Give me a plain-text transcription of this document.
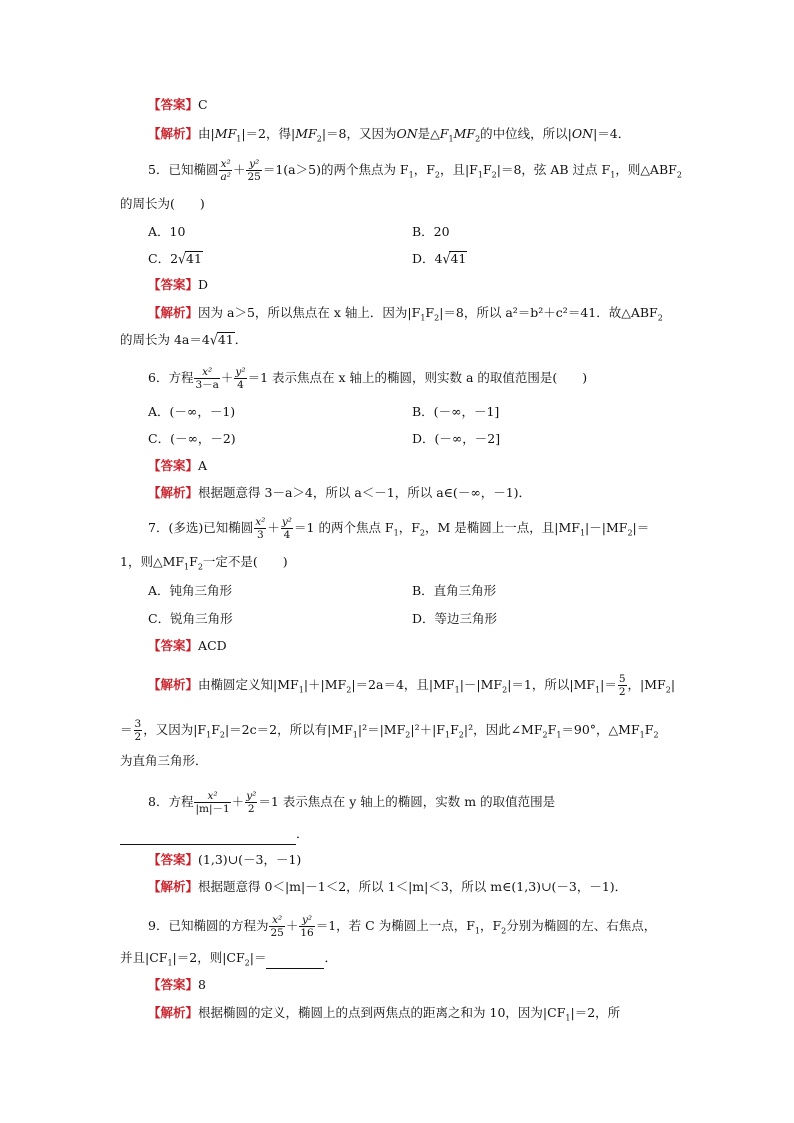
【答案】C
【解析】由$|MF_1|=2$，得$|MF_2|=8$，又因为ON是$\triangle F_1MF_2$的中位线，所以|ON|＝4．
5．已知椭圆 $\frac{\text{x²}}{\text{a²}} + \frac{\text{y²}}{25} =1(a>5)$的两个焦点为 $F_1$，$F_2$，且$|F_1F_2|=8$，弦 AB 过点 $F_1$，则$\triangle ABF_2$
的周长为(　　)
A．10	B．20
C．2√41	D．4√41
【答案】D
【解析】因为 a＞5，所以焦点在 x 轴上．因为$|F_1F_2|=8$，所以 a²＝b²＋c²＝41．故$\triangle ABF_2$
的周长为 4a＝4√41．
6．方程 $\frac{\text{x²}}{3-a} + \frac{\text{y²}}{4} =1$ 表示焦点在 x 轴上的椭圆，则实数 a 的取值范围是(　　)
A．(－∞，－1)	B．(－∞，－1]
C．(－∞，－2)	D．(－∞，－2]
【答案】A
【解析】根据题意得 3－a＞4，所以 a＜－1，所以 a∈(－∞，－1)．
7．(多选)已知椭圆 $\frac{\text{x²}}{3} + \frac{\text{y²}}{4} =1$ 的两个焦点 $F_1$，$F_2$，M 是椭圆上一点，且$|MF_1|-|MF_2|=$
1，则$\triangle MF_1F_2$一定不是(　　)
A．钝角三角形	B．直角三角形
C．锐角三角形	D．等边三角形
【答案】ACD
【解析】由椭圆定义知$|MF_1|+|MF_2|=2a=4$，且$|MF_1|-|MF_2|=1$，所以$|MF_1|= \frac{5}{2}$ ，$|MF_2|$
＝ $\frac{3}{2}$ ，又因为$|F_1F_2|=2c=2$，所以有$|MF_1|^2=|MF_2|^2+|F_1F_2|^2$，因此$\angle MF_2F_1=90^\circ$，$\triangle MF_1F_2$
为直角三角形．
8．方程 $\frac{\text{x²}}{|m|-1} + \frac{\text{y²}}{2} =1$ 表示焦点在 y 轴上的椭圆，实数 m 的取值范围是
．
【答案】(1,3)∪(－3，－1)
【解析】根据题意得 0＜|m|－1＜2，所以 1＜|m|＜3，所以 m∈(1,3)∪(－3，－1)．
9．已知椭圆的方程为 $\frac{\text{x²}}{25} + \frac{\text{y²}}{16} =1$，若 C 为椭圆上一点，$F_1$，$F_2$分别为椭圆的左、右焦点，
并且$|CF_1|=2$，则$|CF_2|=$	．
【答案】8
【解析】根据椭圆的定义，椭圆上的点到两焦点的距离之和为 10，因为$|CF_1|=2$，所
